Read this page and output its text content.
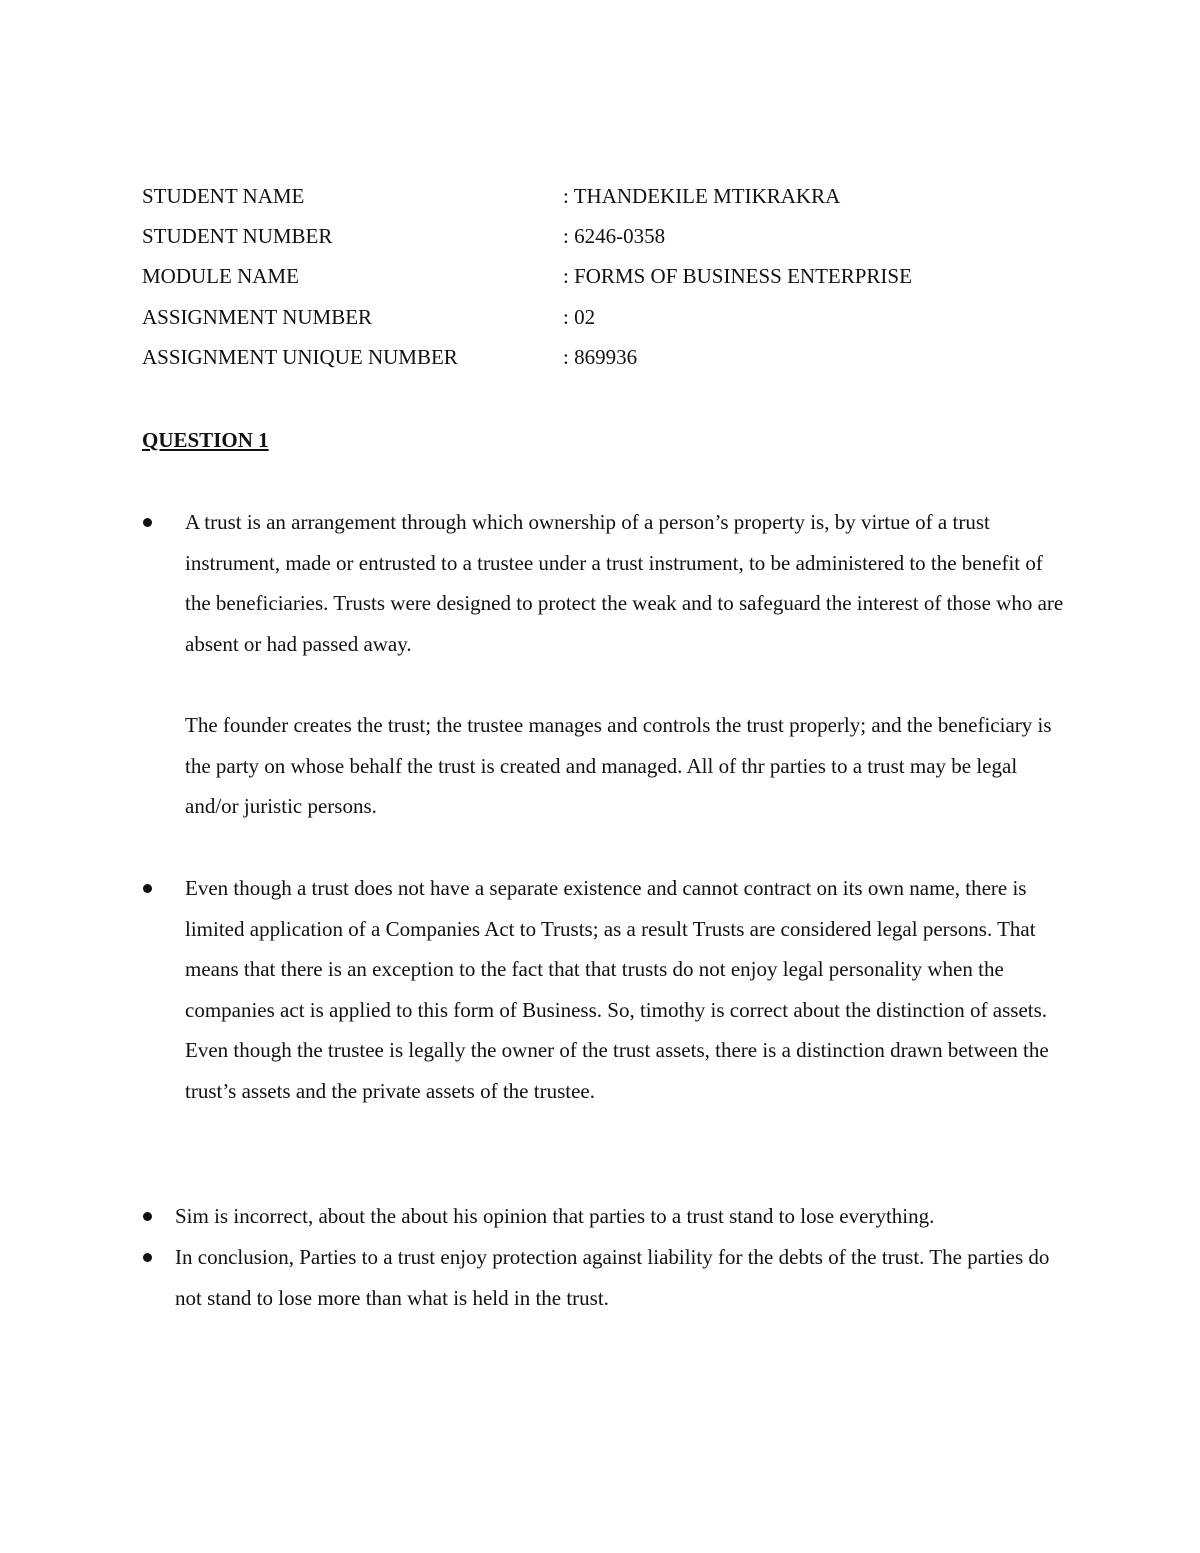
STUDENT NAME	: THANDEKILE MTIKRAKRA
STUDENT NUMBER	: 6246-0358
MODULE NAME	: FORMS OF BUSINESS ENTERPRISE
ASSIGNMENT NUMBER	: 02
ASSIGNMENT UNIQUE NUMBER	: 869936
QUESTION 1

A trust is an arrangement through which ownership of a person’s property is, by virtue of a trust instrument, made or entrusted to a trustee under a trust instrument, to be administered to the benefit of the beneficiaries. Trusts were designed to protect the weak and to safeguard the interest of those who are absent or had passed away.

The founder creates the trust; the trustee manages and controls the trust properly; and the beneficiary is the party on whose behalf the trust is created and managed. All of thr parties to a trust may be legal and/or juristic persons.

Even though a trust does not have a separate existence and cannot contract on its own name, there is limited application of a Companies Act to Trusts; as a result Trusts are considered legal persons. That means that there is an exception to the fact that that trusts do not enjoy legal personality when the companies act is applied to this form of Business. So, timothy is correct about the distinction of assets. Even though the trustee is legally the owner of the trust assets, there is a distinction drawn between the trust’s assets and the private assets of the trustee.

Sim is incorrect, about the about his opinion that parties to a trust stand to lose everything.

In conclusion, Parties to a trust enjoy protection against liability for the debts of the trust. The parties do not stand to lose more than what is held in the trust.
